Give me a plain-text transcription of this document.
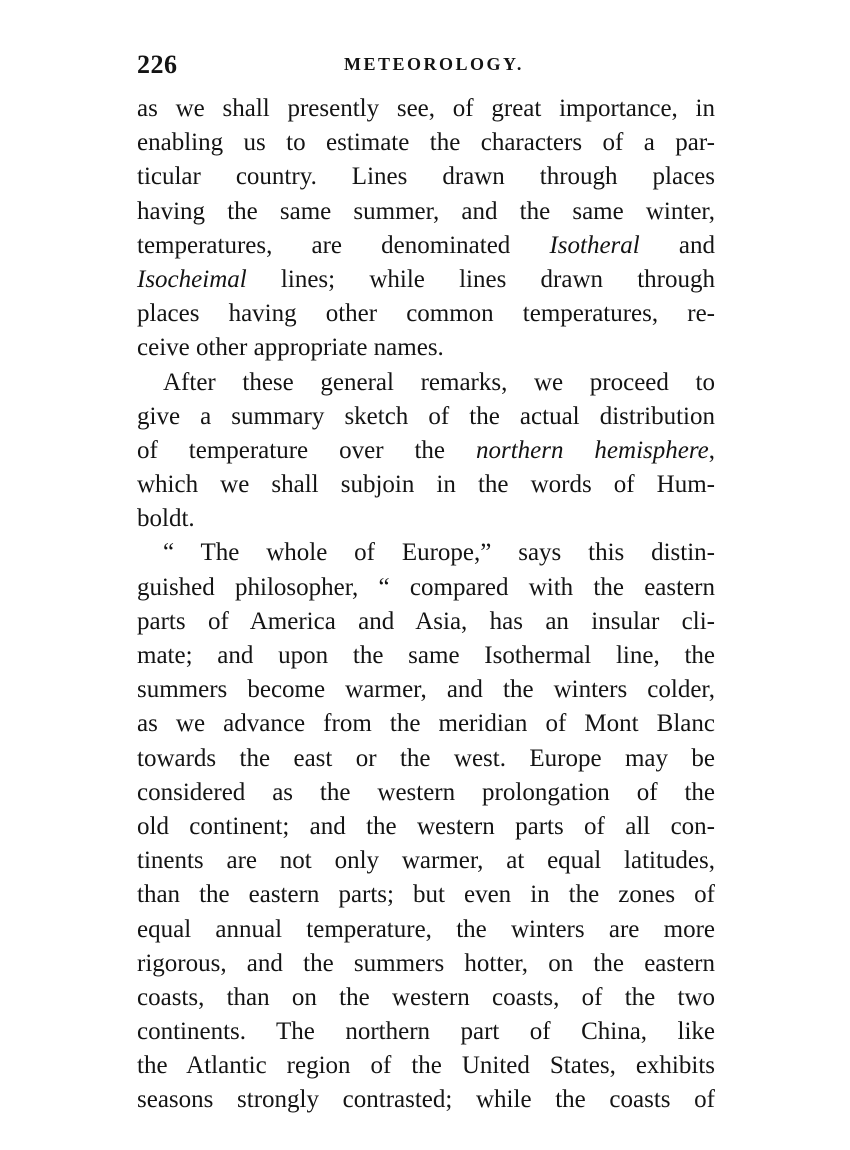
226	METEOROLOGY.
as we shall presently see, of great importance, in
enabling us to estimate the characters of a par-
ticular country. Lines drawn through places
having the same summer, and the same winter,
temperatures, are denominated Isotheral and
Isocheimal lines; while lines drawn through
places having other common temperatures, re-
ceive other appropriate names.
After these general remarks, we proceed to
give a summary sketch of the actual distribution
of temperature over the northern hemisphere,
which we shall subjoin in the words of Hum-
boldt.
“ The whole of Europe,” says this distin-
guished philosopher, “ compared with the eastern
parts of America and Asia, has an insular cli-
mate; and upon the same Isothermal line, the
summers become warmer, and the winters colder,
as we advance from the meridian of Mont Blanc
towards the east or the west. Europe may be
considered as the western prolongation of the
old continent; and the western parts of all con-
tinents are not only warmer, at equal latitudes,
than the eastern parts; but even in the zones of
equal annual temperature, the winters are more
rigorous, and the summers hotter, on the eastern
coasts, than on the western coasts, of the two
continents. The northern part of China, like
the Atlantic region of the United States, exhibits
seasons strongly contrasted; while the coasts of
